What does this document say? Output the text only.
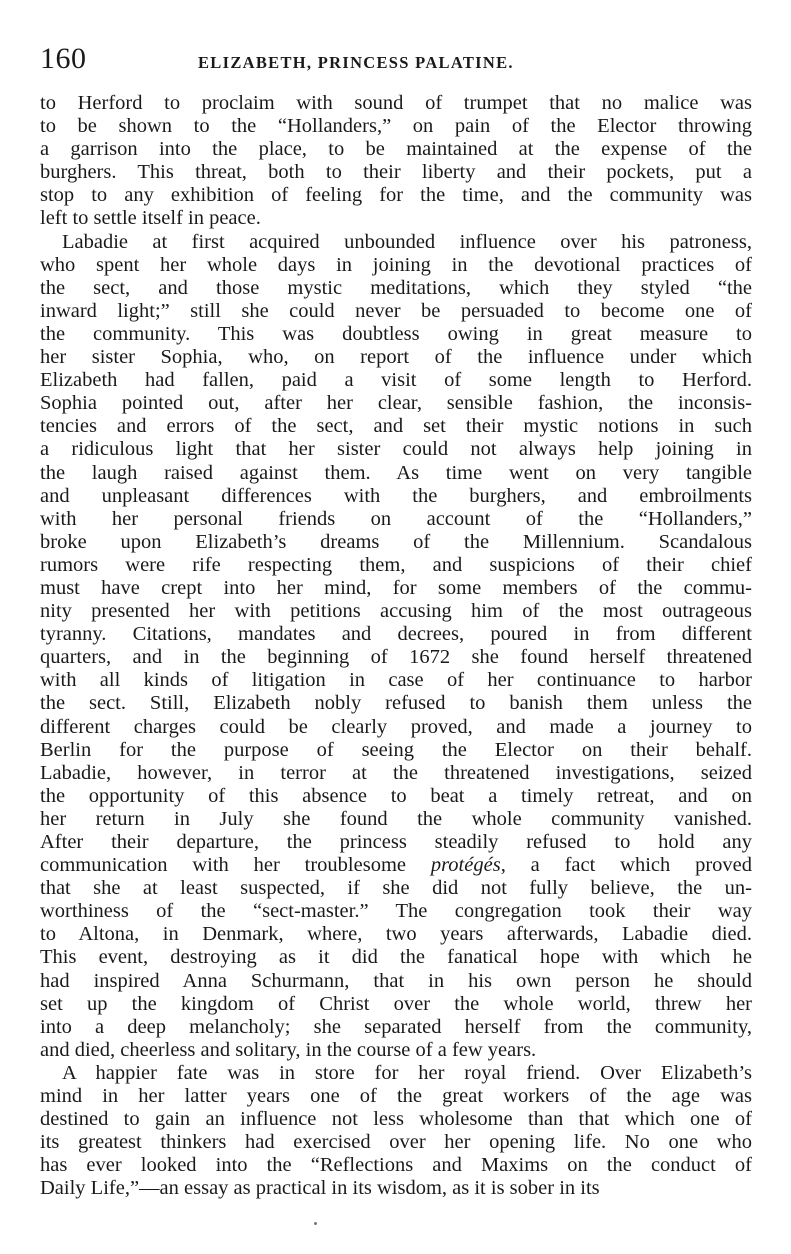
160	ELIZABETH, PRINCESS PALATINE.
to Herford to proclaim with sound of trumpet that no malice was
to be shown to the “Hollanders,” on pain of the Elector throwing
a garrison into the place, to be maintained at the expense of the
burghers. This threat, both to their liberty and their pockets, put a
stop to any exhibition of feeling for the time, and the community was
left to settle itself in peace.
Labadie at first acquired unbounded influence over his patroness,
who spent her whole days in joining in the devotional practices of
the sect, and those mystic meditations, which they styled “the
inward light;” still she could never be persuaded to become one of
the community. This was doubtless owing in great measure to
her sister Sophia, who, on report of the influence under which
Elizabeth had fallen, paid a visit of some length to Herford.
Sophia pointed out, after her clear, sensible fashion, the inconsis-
tencies and errors of the sect, and set their mystic notions in such
a ridiculous light that her sister could not always help joining in
the laugh raised against them. As time went on very tangible
and unpleasant differences with the burghers, and embroilments
with her personal friends on account of the “Hollanders,”
broke upon Elizabeth’s dreams of the Millennium. Scandalous
rumors were rife respecting them, and suspicions of their chief
must have crept into her mind, for some members of the commu-
nity presented her with petitions accusing him of the most outrageous
tyranny. Citations, mandates and decrees, poured in from different
quarters, and in the beginning of 1672 she found herself threatened
with all kinds of litigation in case of her continuance to harbor
the sect. Still, Elizabeth nobly refused to banish them unless the
different charges could be clearly proved, and made a journey to
Berlin for the purpose of seeing the Elector on their behalf.
Labadie, however, in terror at the threatened investigations, seized
the opportunity of this absence to beat a timely retreat, and on
her return in July she found the whole community vanished.
After their departure, the princess steadily refused to hold any
communication with her troublesome protégés, a fact which proved
that she at least suspected, if she did not fully believe, the un-
worthiness of the “sect-master.” The congregation took their way
to Altona, in Denmark, where, two years afterwards, Labadie died.
This event, destroying as it did the fanatical hope with which he
had inspired Anna Schurmann, that in his own person he should
set up the kingdom of Christ over the whole world, threw her
into a deep melancholy; she separated herself from the community,
and died, cheerless and solitary, in the course of a few years.
A happier fate was in store for her royal friend. Over Elizabeth’s
mind in her latter years one of the great workers of the age was
destined to gain an influence not less wholesome than that which one of
its greatest thinkers had exercised over her opening life. No one who
has ever looked into the “Reflections and Maxims on the conduct of
Daily Life,”—an essay as practical in its wisdom, as it is sober in its
